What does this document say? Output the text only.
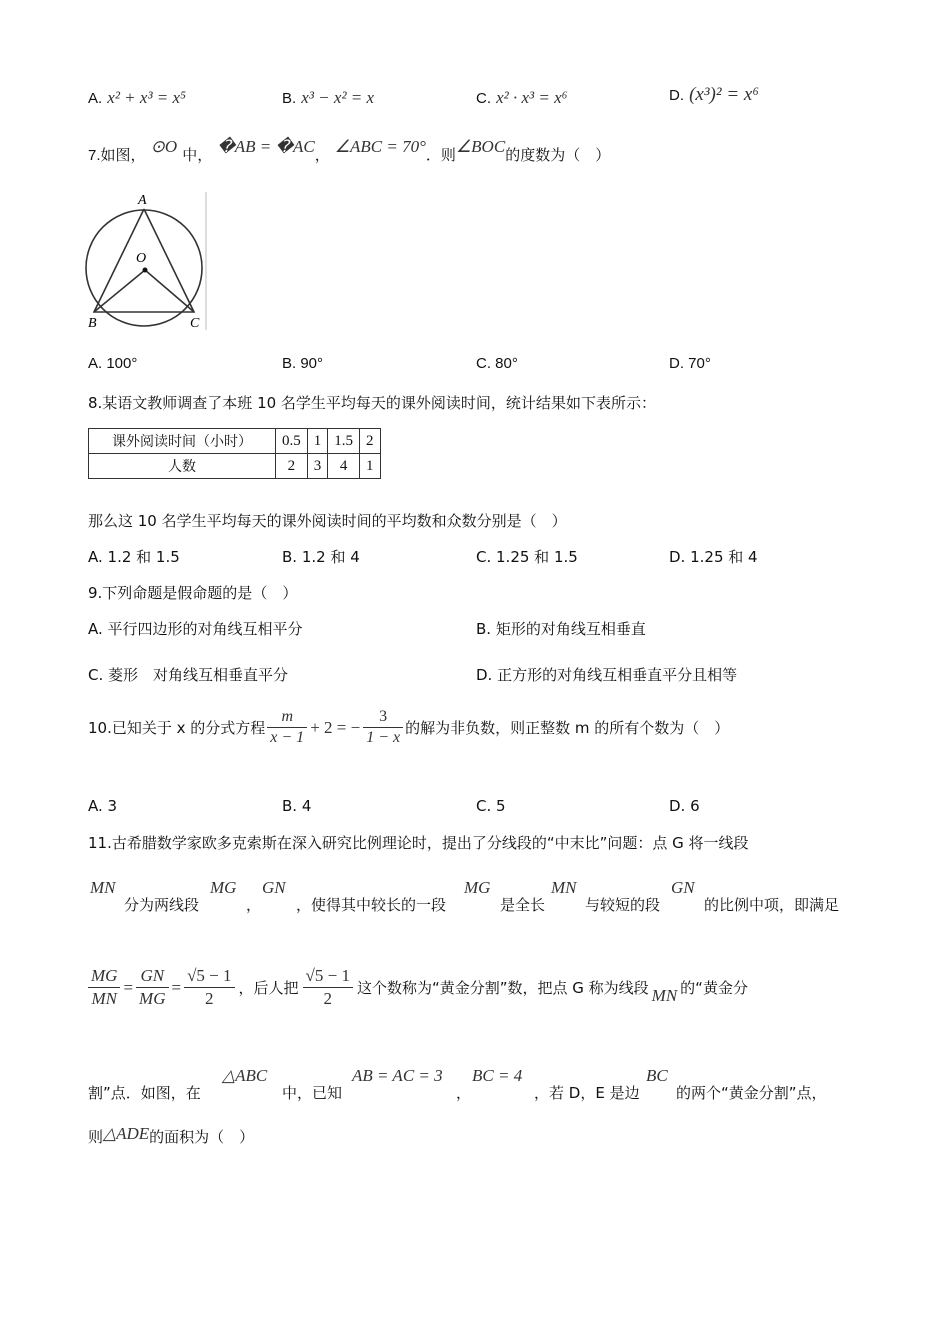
A. x² + x³ = x⁵	B. x³ − x² = x	C. x² · x³ = x⁶	D. (x³)² = x⁶
7.如图， ⊙O 中， �AB = �AC， ∠ABC = 70°．则∠BOC的度数为（　）
A
O
B	C
A. 100°	B. 90°	C. 80°	D. 70°
8.某语文教师调查了本班 10 名学生平均每天的课外阅读时间，统计结果如下表所示：
课外阅读时间（小时）	0.5	1	1.5	2
人数	2	3	4	1
那么这 10 名学生平均每天的课外阅读时间的平均数和众数分别是（　）
A. 1.2 和 1.5	B. 1.2 和 4	C. 1.25 和 1.5	D. 1.25 和 4
9.下列命题是假命题的是（　）
A. 平行四边形的对角线互相平分	B. 矩形的对角线互相垂直
C. 菱形　对角线互相垂直平分	D. 正方形的对角线互相垂直平分且相等
10.已知关于 x 的分式方程 $\frac{m}{x - 1} + 2$ = − $\frac{3}{1 - x}$ 的解为非负数，则正整数 m 的所有个数为（　）
A. 3	B. 4	C. 5	D. 6
11.古希腊数学家欧多克索斯在深入研究比例理论时，提出了分线段的“中末比”问题：点 G 将一线段
MN
分为两线段
MG
，
GN
，使得其中较长的一段
MG
是全长
MN
与较短的段
GN
的比例中项，即满足
$\frac{MG}{MN} = \frac{GN}{MG} = \frac{√5 - 1}{2}$ ，后人把 $\frac{√5 - 1}{2}$ 这个数称为“黄金分割”数，把点 G 称为线段 MN 的“黄金分
割”点．如图，在
△ABC
中，已知
AB = AC = 3
，
BC = 4
，若 D，E 是边
BC
的两个“黄金分割”点，
则△ADE的面积为（　）
